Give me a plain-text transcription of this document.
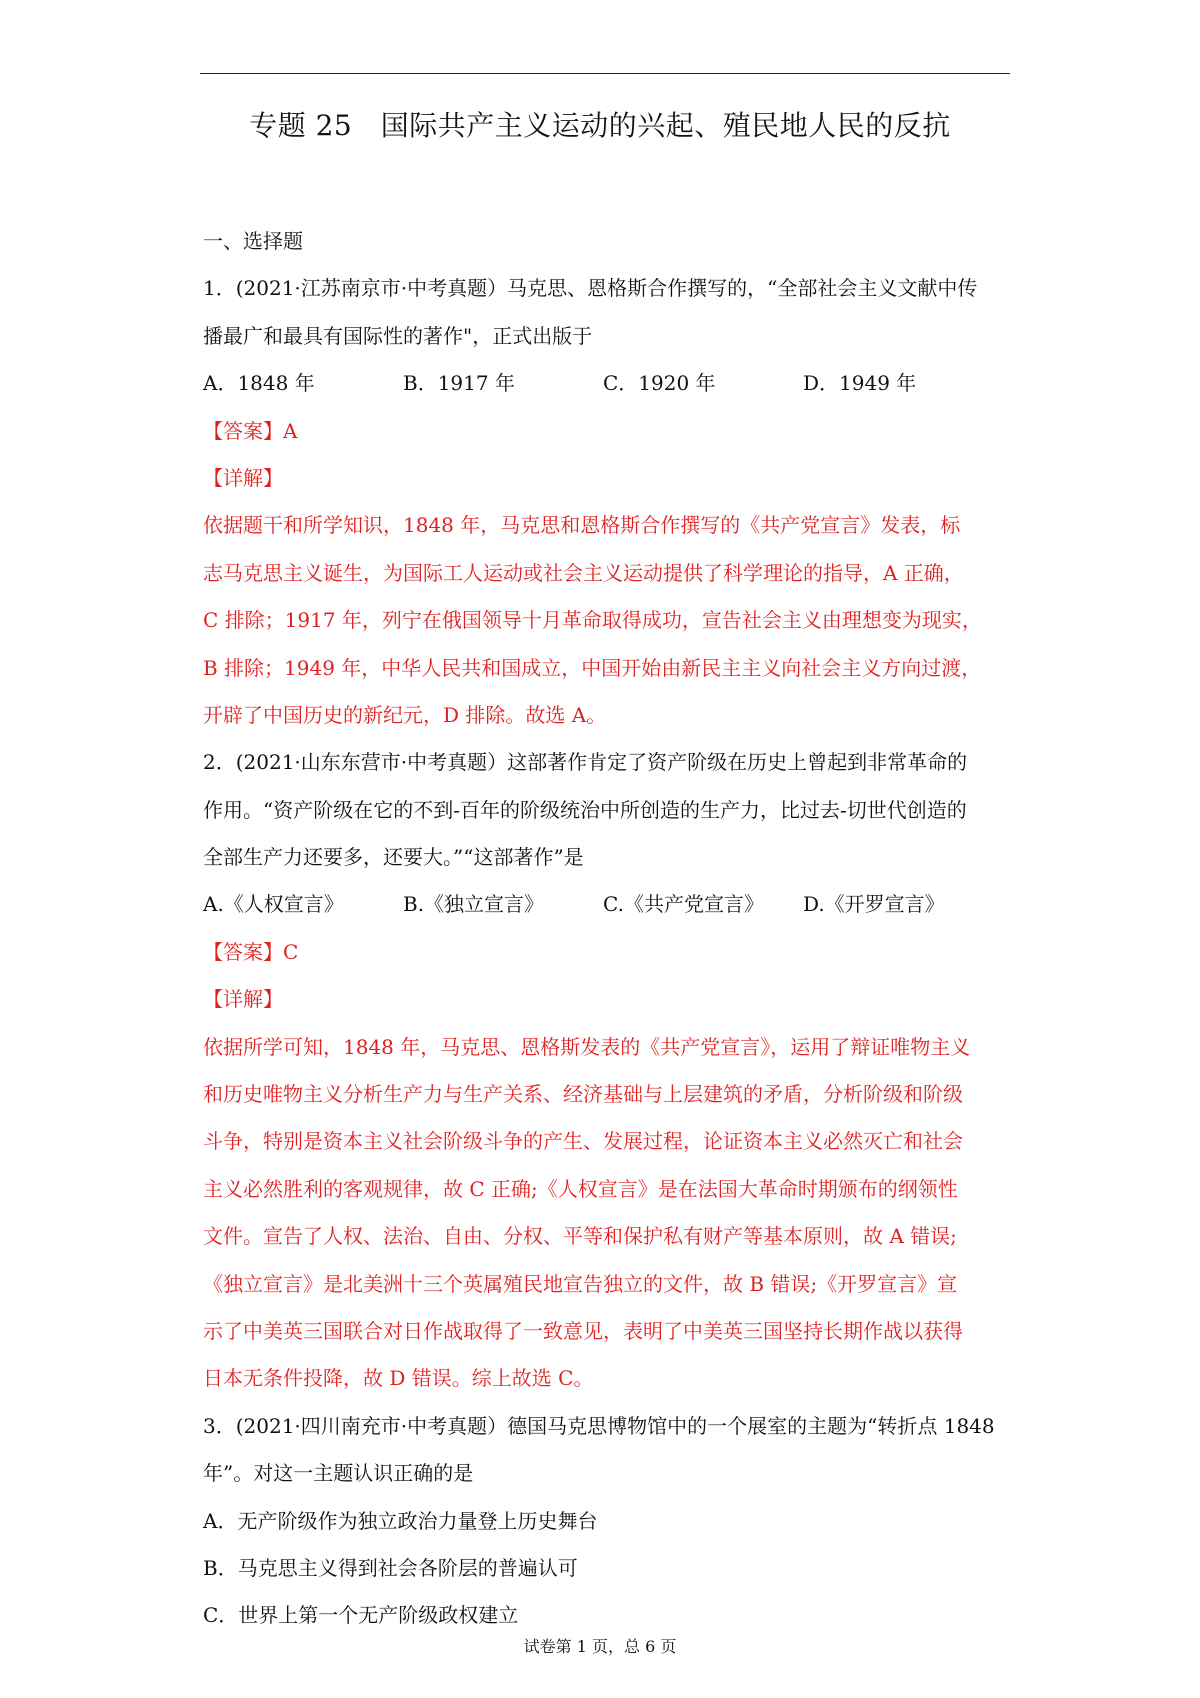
专题 25　国际共产主义运动的兴起、殖民地人民的反抗
一、选择题
1．(2021·江苏南京市·中考真题）马克思、恩格斯合作撰写的，“全部社会主义文献中传
播最广和最具有国际性的著作"，正式出版于
A．1848 年	B．1917 年	C．1920 年	D．1949 年
【答案】A
【详解】
依据题干和所学知识，1848 年，马克思和恩格斯合作撰写的《共产党宣言》发表，标
志马克思主义诞生，为国际工人运动或社会主义运动提供了科学理论的指导，A 正确，
C 排除；1917 年，列宁在俄国领导十月革命取得成功，宣告社会主义由理想变为现实，
B 排除；1949 年，中华人民共和国成立，中国开始由新民主主义向社会主义方向过渡，
开辟了中国历史的新纪元，D 排除。故选 A。
2．(2021·山东东营市·中考真题）这部著作肯定了资产阶级在历史上曾起到非常革命的
作用。“资产阶级在它的不到-百年的阶级统治中所创造的生产力，比过去-切世代创造的
全部生产力还要多，还要大。”“这部著作”是
A.《人权宣言》	B.《独立宣言》	C.《共产党宣言》	D.《开罗宣言》
【答案】C
【详解】
依据所学可知，1848 年，马克思、恩格斯发表的《共产党宣言》，运用了辩证唯物主义
和历史唯物主义分析生产力与生产关系、经济基础与上层建筑的矛盾，分析阶级和阶级
斗争，特别是资本主义社会阶级斗争的产生、发展过程，论证资本主义必然灭亡和社会
主义必然胜利的客观规律，故 C 正确;《人权宣言》是在法国大革命时期颁布的纲领性
文件。宣告了人权、法治、自由、分权、平等和保护私有财产等基本原则，故 A 错误;
《独立宣言》是北美洲十三个英属殖民地宣告独立的文件，故 B 错误;《开罗宣言》宣
示了中美英三国联合对日作战取得了一致意见，表明了中美英三国坚持长期作战以获得
日本无条件投降，故 D 错误。综上故选 C。
3．(2021·四川南充市·中考真题）德国马克思博物馆中的一个展室的主题为“转折点 1848
年”。对这一主题认识正确的是
A．无产阶级作为独立政治力量登上历史舞台
B．马克思主义得到社会各阶层的普遍认可
C．世界上第一个无产阶级政权建立
试卷第 1 页，总 6 页
